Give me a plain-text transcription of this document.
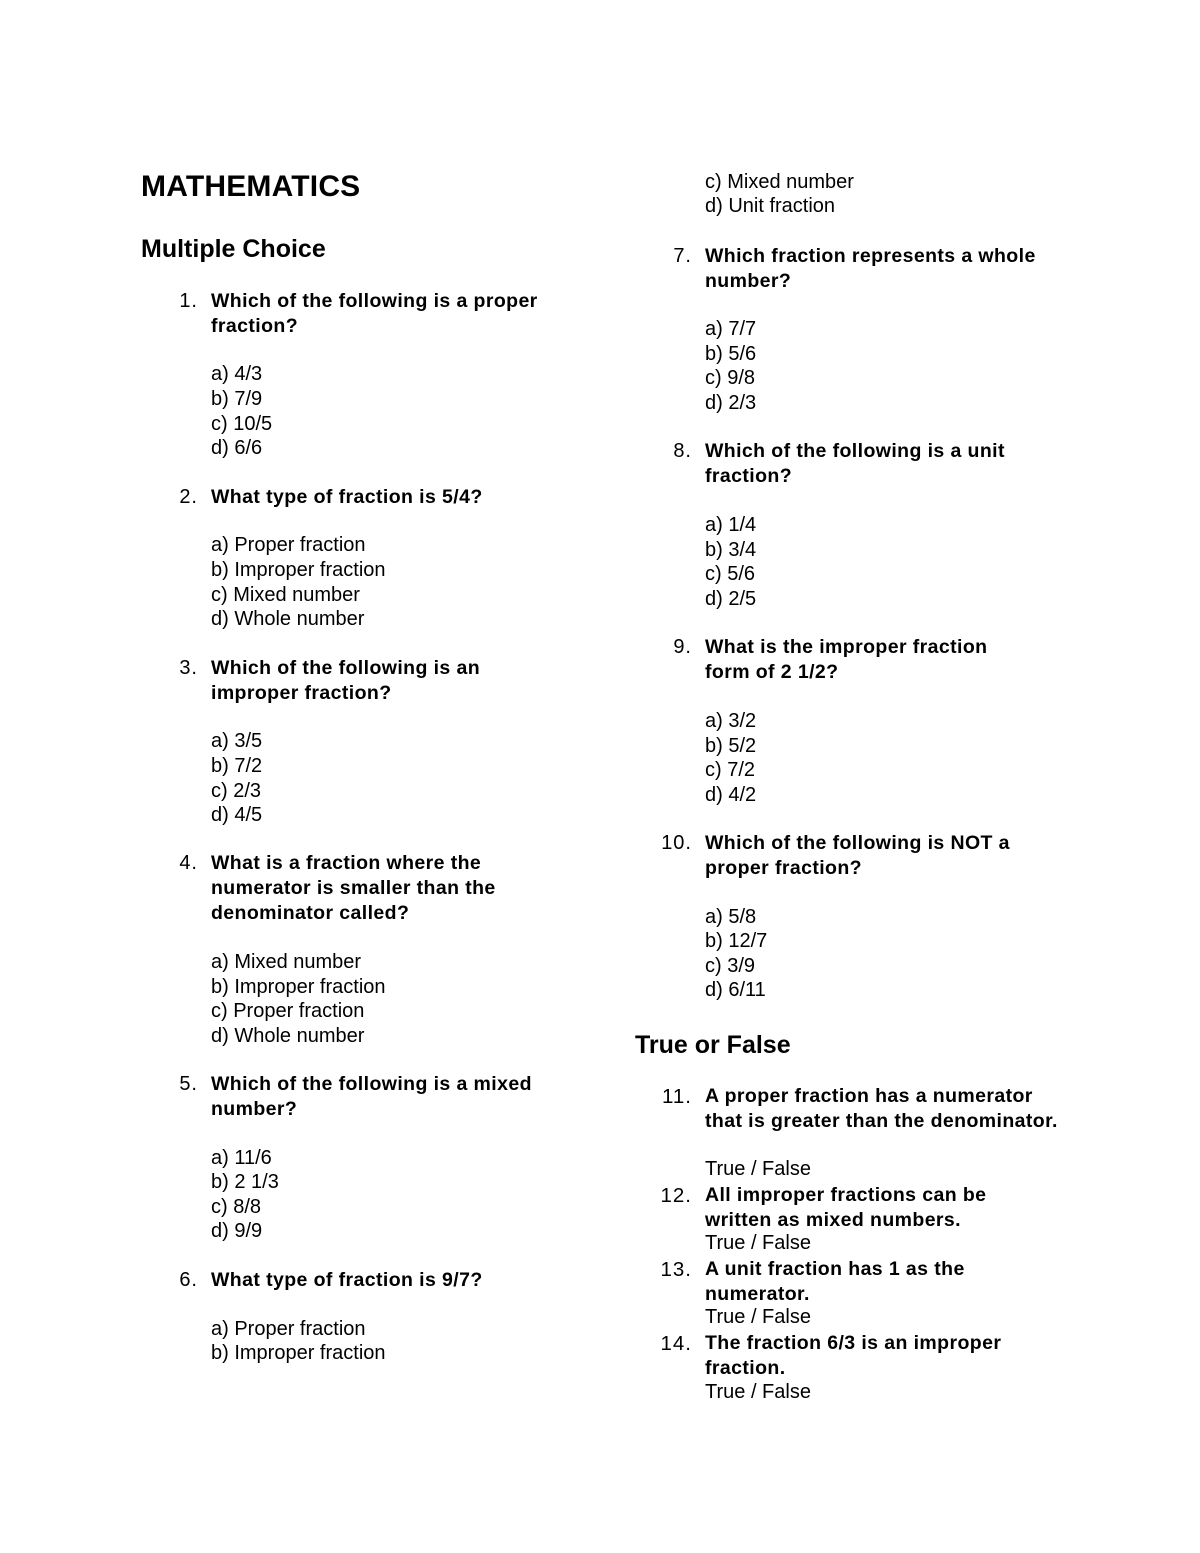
MATHEMATICS
Multiple Choice
True or False
1. Which of the following is a proper fraction?
a) 4/3
b) 7/9
c) 10/5
d) 6/6
2. What type of fraction is 5/4?
a) Proper fraction
b) Improper fraction
c) Mixed number
d) Whole number
3. Which of the following is an improper fraction?
a) 3/5
b) 7/2
c) 2/3
d) 4/5
4. What is a fraction where the numerator is smaller than the denominator called?
a) Mixed number
b) Improper fraction
c) Proper fraction
d) Whole number
5. Which of the following is a mixed number?
a) 11/6
b) 2 1/3
c) 8/8
d) 9/9
6. What type of fraction is 9/7?
a) Proper fraction
b) Improper fraction
c) Mixed number
d) Unit fraction
7. Which fraction represents a whole number?
a) 7/7
b) 5/6
c) 9/8
d) 2/3
8. Which of the following is a unit fraction?
a) 1/4
b) 3/4
c) 5/6
d) 2/5
9. What is the improper fraction form of 2 1/2?
a) 3/2
b) 5/2
c) 7/2
d) 4/2
10. Which of the following is NOT a proper fraction?
a) 5/8
b) 12/7
c) 3/9
d) 6/11
11. A proper fraction has a numerator that is greater than the denominator.
True / False
12. All improper fractions can be written as mixed numbers.
True / False
13. A unit fraction has 1 as the numerator.
True / False
14. The fraction 6/3 is an improper fraction.
True / False
